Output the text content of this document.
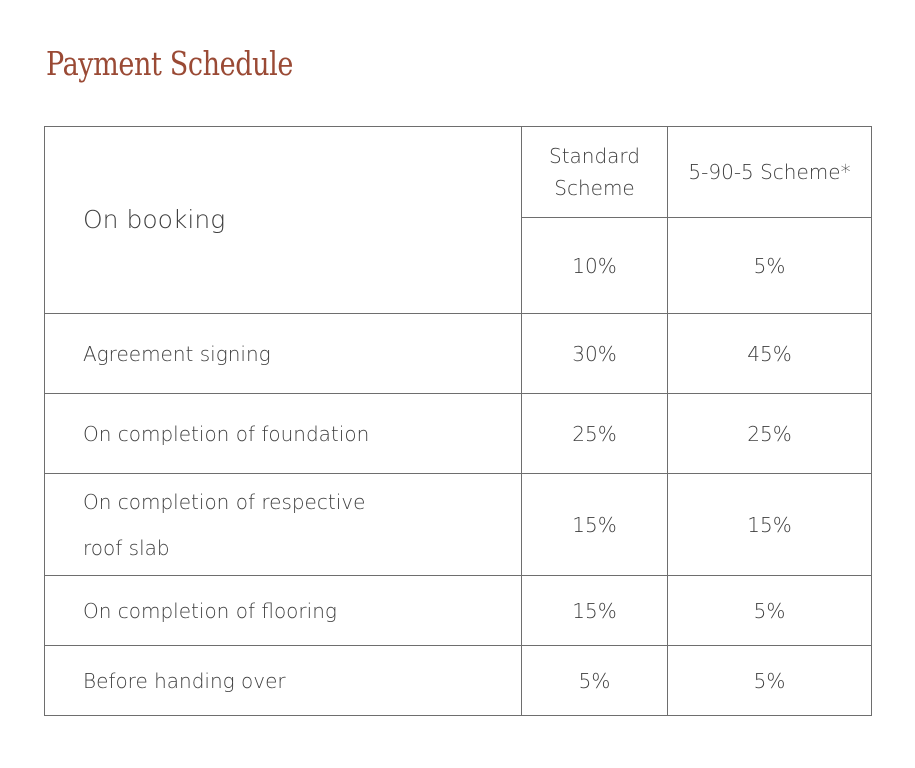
Payment Schedule
On booking	Standard Scheme	5-90-5 Scheme*
	10%	5%
Agreement signing	30%	45%
On completion of foundation	25%	25%
On completion of respective roof slab	15%	15%
On completion of flooring	15%	5%
Before handing over	5%	5%
